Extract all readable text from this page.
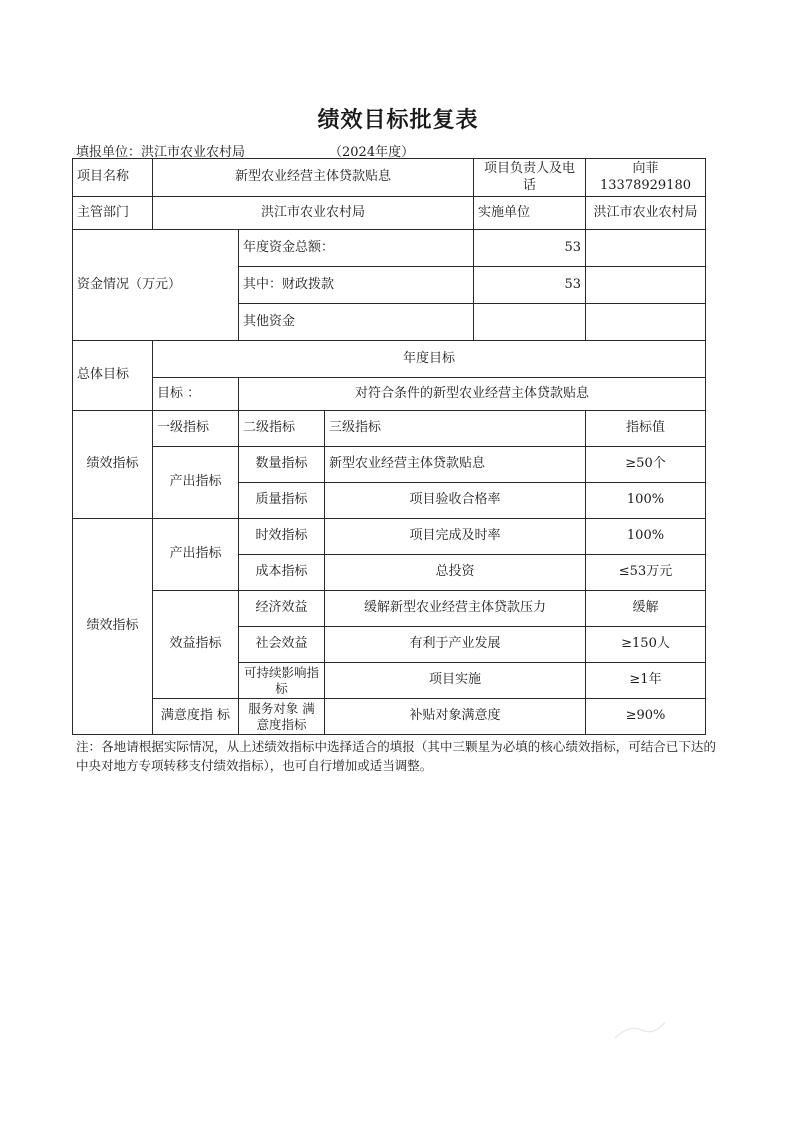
绩效目标批复表
填报单位：洪江市农业农村局	（2024年度）
项目名称	新型农业经营主体贷款贴息			项目负责人及电话	向菲13378929180
主管部门	洪江市农业农村局			实施单位	洪江市农业农村局
资金情况（万元）		年度资金总额：		53	
		其中：财政拨款		53	
		其他资金			
总体目标	年度目标				
	目标 ：	对符合条件的新型农业经营主体贷款贴息			
绩效指标	一级指标	二级指标	三级指标		指标值
	产出指标	数量指标	新型农业经营主体贷款贴息		≥50个
		质量指标	项目验收合格率		100%
绩效指标	产出指标	时效指标	项目完成及时率		100%
		成本指标	总投资		≤53万元
	效益指标	经济效益	缓解新型农业经营主体贷款压力		缓解
		社会效益	有利于产业发展		≥150人
		可持续影响指标	项目实施		≥1年
	满意度指 标	服务对象 满意度指标	补贴对象满意度		≥90%
注：各地请根据实际情况，从上述绩效指标中选择适合的填报（其中三颗星为必填的核心绩效指标，可结合已下达的中央对地方专项转移支付绩效指标），也可自行增加或适当调整。
